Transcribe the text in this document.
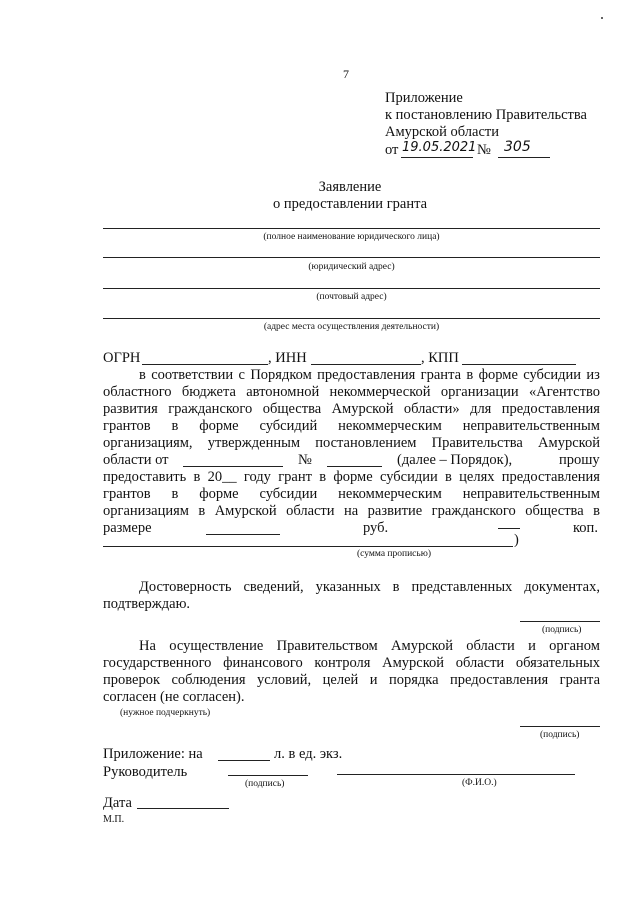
7
Приложение
к постановлению Правительства
Амурской области
от 19.05.2021 № 305
Заявление
о предоставлении гранта
(полное наименование юридического лица)
(юридический адрес)
(почтовый адрес)
(адрес места осуществления деятельности)
ОГРН	, ИНН	, КПП
в соответствии с Порядком предоставления гранта в форме субсидии из
областного бюджета автономной некоммерческой организации «Агентство
развития гражданского общества Амурской области» для предоставления
грантов в форме субсидий некоммерческим неправительственным
организациям, утвержденным постановлением Правительства Амурской
области от	№	(далее – Порядок),	прошу
предоставить в 20__ году грант в форме субсидии в целях предоставления
грантов в форме субсидии некоммерческим неправительственным
организациям в Амурской области на развитие гражданского общества в
размере	руб.	коп.
)
(сумма прописью)
Достоверность сведений, указанных в представленных документах,
подтверждаю.
(подпись)
На осуществление Правительством Амурской области и органом
государственного финансового контроля Амурской области обязательных
проверок соблюдения условий, целей и порядка предоставления гранта
согласен (не согласен).
(нужное подчеркнуть)
(подпись)
Приложение: на	л. в ед. экз.
Руководитель
(подпись)	(Ф.И.О.)
Дата
М.П.
